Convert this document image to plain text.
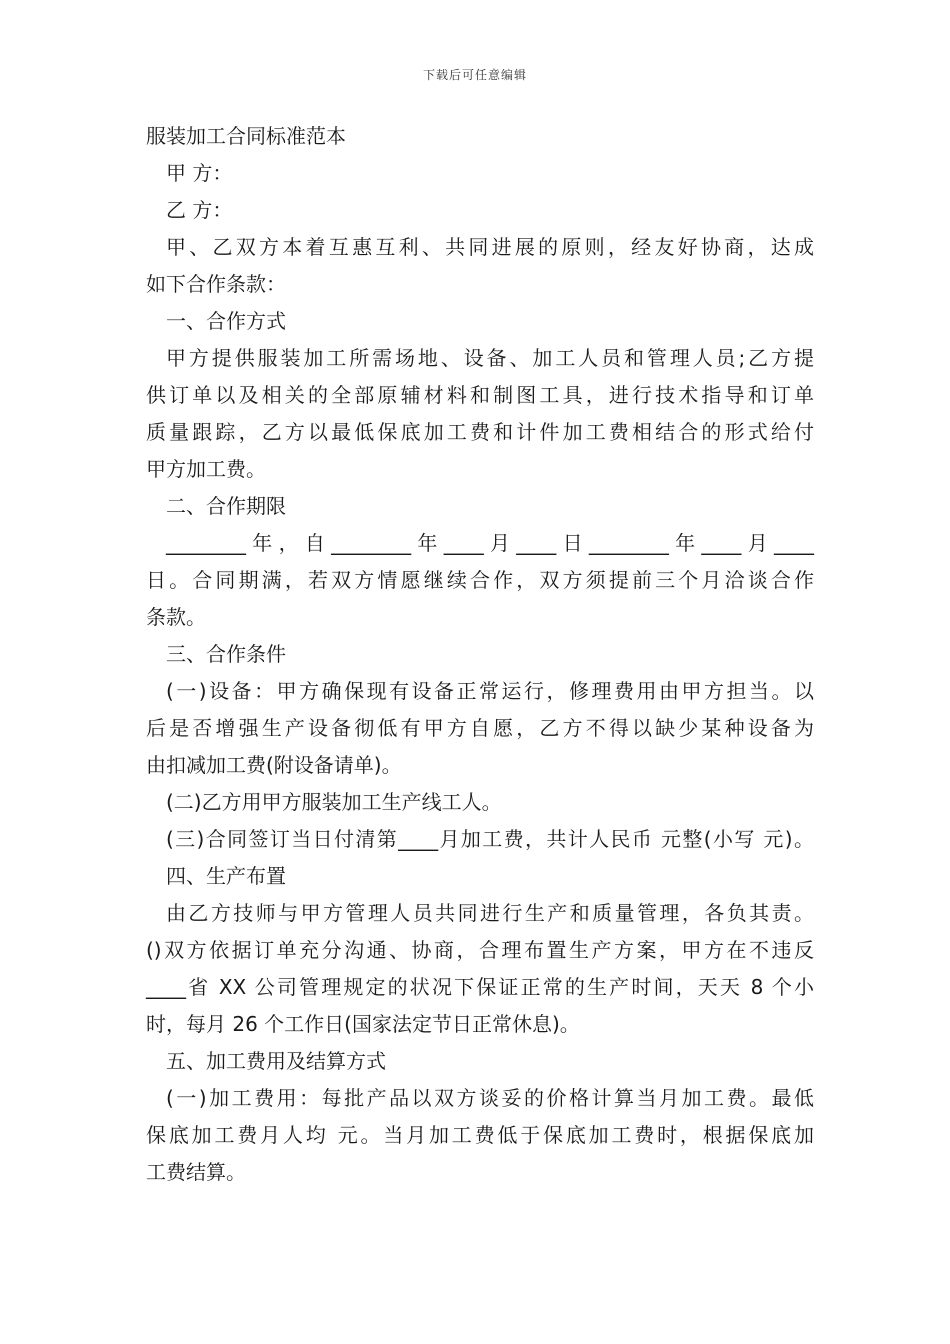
下载后可任意编辑
服装加工合同标准范本
甲 方：
乙 方：
甲、乙双方本着互惠互利、共同进展的原则，经友好协商，达成
如下合作条款：
一、合作方式
甲方提供服装加工所需场地、设备、加工人员和管理人员;乙方提
供订单以及相关的全部原辅材料和制图工具，进行技术指导和订单
质量跟踪，乙方以最低保底加工费和计件加工费相结合的形式给付
甲方加工费。
二、合作期限
________年，自________年____月____日________年____月____
日。合同期满，若双方情愿继续合作，双方须提前三个月洽谈合作
条款。
三、合作条件
(一)设备：甲方确保现有设备正常运行，修理费用由甲方担当。以
后是否增强生产设备彻低有甲方自愿，乙方不得以缺少某种设备为
由扣减加工费(附设备请单)。
(二)乙方用甲方服装加工生产线工人。
(三)合同签订当日付清第____月加工费，共计人民币 元整(小写 元)。
四、生产布置
由乙方技师与甲方管理人员共同进行生产和质量管理，各负其责。
()双方依据订单充分沟通、协商，合理布置生产方案，甲方在不违反
____省 XX 公司管理规定的状况下保证正常的生产时间，天天 8 个小
时，每月 26 个工作日(国家法定节日正常休息)。
五、加工费用及结算方式
(一)加工费用：每批产品以双方谈妥的价格计算当月加工费。最低
保底加工费月人均 元。当月加工费低于保底加工费时，根据保底加
工费结算。
